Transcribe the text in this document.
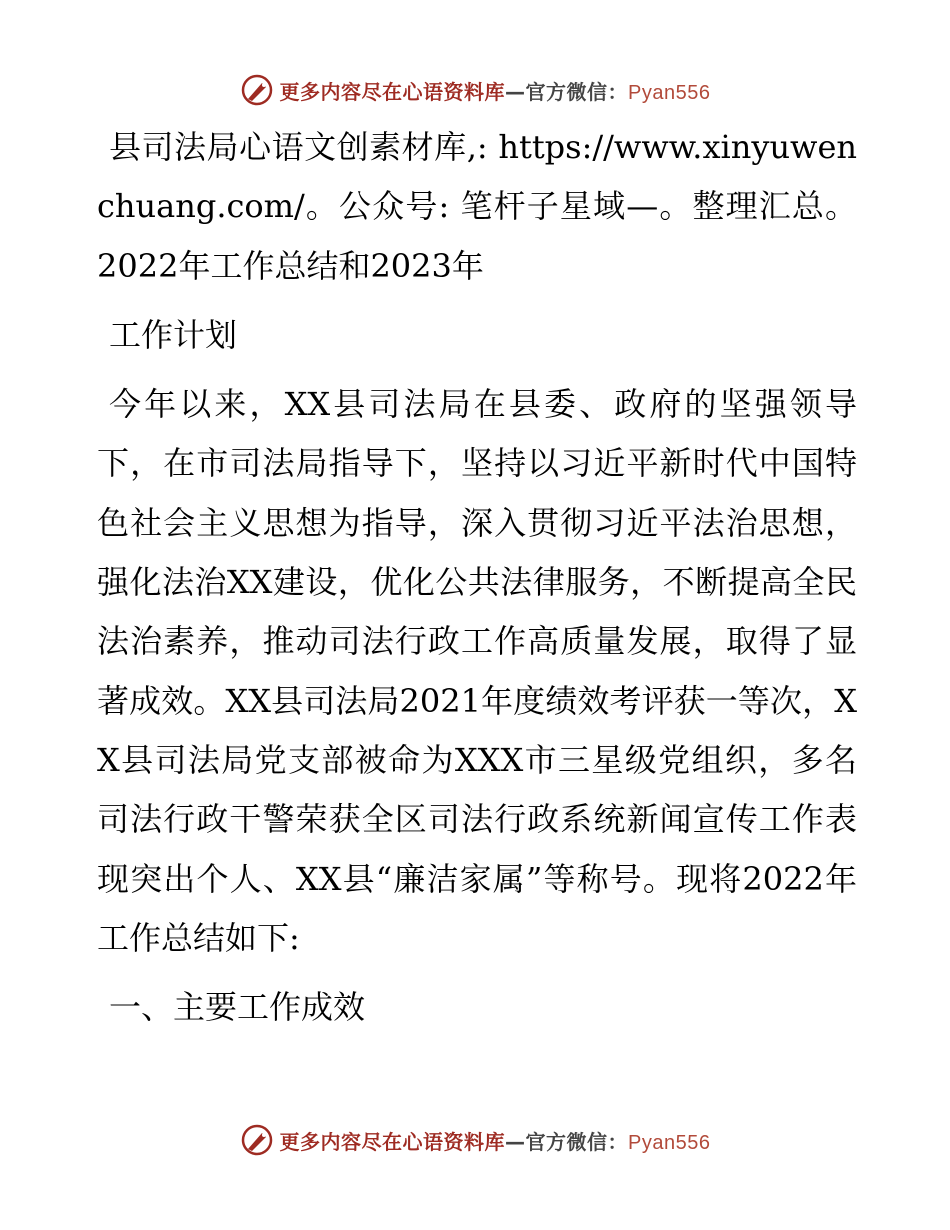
更多内容尽在心语资料库—官方微信：Pyan556

县司法局心语文创素材库,: https://www.xinyuwenchuang.com/。公众号: 笔杆子星域—。整理汇总。2022年工作总结和2023年

工作计划

今年以来，XX县司法局在县委、政府的坚强领导下，在市司法局指导下，坚持以习近平新时代中国特色社会主义思想为指导，深入贯彻习近平法治思想，强化法治XX建设，优化公共法律服务，不断提高全民法治素养，推动司法行政工作高质量发展，取得了显著成效。XX县司法局2021年度绩效考评获一等次，XX县司法局党支部被命为XXX市三星级党组织，多名司法行政干警荣获全区司法行政系统新闻宣传工作表现突出个人、XX县“廉洁家属”等称号。现将2022年工作总结如下:

一、主要工作成效

更多内容尽在心语资料库—官方微信：Pyan556
